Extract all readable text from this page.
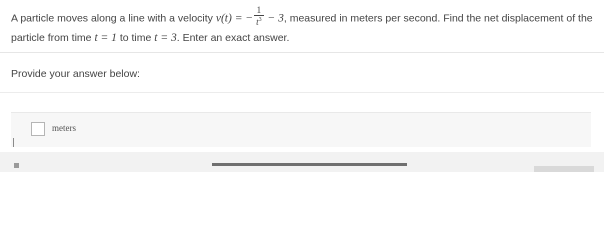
A particle moves along a line with a velocity v(t) = − $\frac{1}{t^3} - 3$, measured in meters per second. Find the net displacement of the particle from time t = 1 to time t = 3. Enter an exact answer.
Provide your answer below:
meters
